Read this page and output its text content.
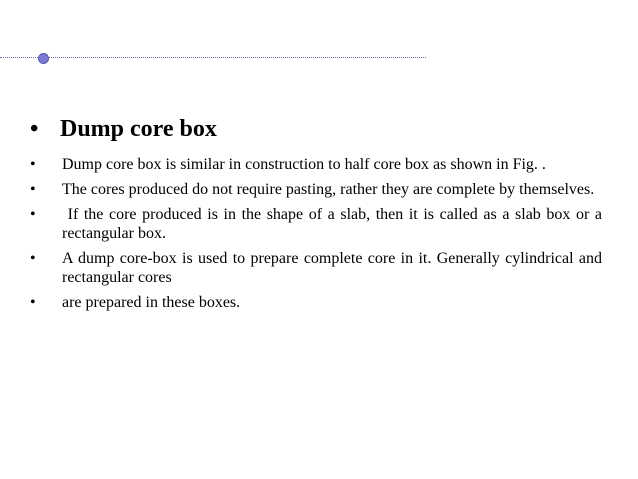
• Dump core box
•	Dump core box is similar in construction to half core box as shown in Fig. .
•	The cores produced do not require pasting, rather they are complete by themselves.
•	If the core produced is in the shape of a slab, then it is called as a slab box or a rectangular box.
•	A dump core-box is used to prepare complete core in it. Generally cylindrical and rectangular cores
•	are prepared in these boxes.
